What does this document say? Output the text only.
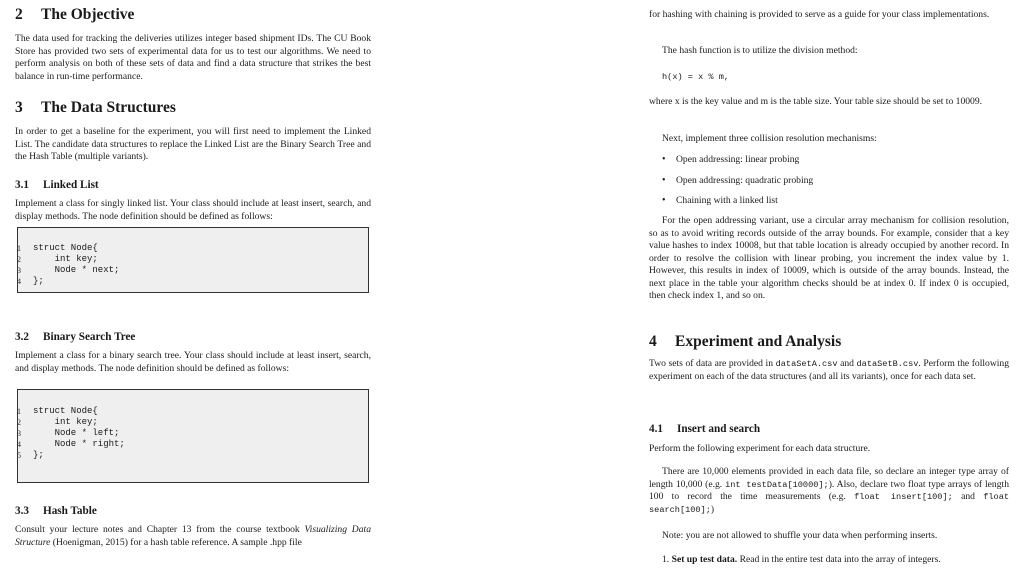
2 The Objective

The data used for tracking the deliveries utilizes integer based shipment IDs. The CU Book Store has provided two sets of experimental data for us to test our algorithms. We need to perform analysis on both of these sets of data and find a data structure that strikes the best balance in run-time performance.

3 The Data Structures

In order to get a baseline for the experiment, you will first need to implement the Linked List. The candidate data structures to replace the Linked List are the Binary Search Tree and the Hash Table (multiple variants).

3.1 Linked List

Implement a class for singly linked list. Your class should include at least insert, search, and display methods. The node definition should be defined as follows:

1 struct Node{
2 int key;
3 Node * next;
4 };
3.2 Binary Search Tree

Implement a class for a binary search tree. Your class should include at least insert, search, and display methods. The node definition should be defined as follows:

1 struct Node{
2 int key;
3 Node * left;
4 Node * right;
5 };
3.3 Hash Table

Consult your lecture notes and Chapter 13 from the course textbook Visualizing Data Structure (Hoenigman, 2015) for a hash table reference. A sample .hpp file

for hashing with chaining is provided to serve as a guide for your class implementations.

The hash function is to utilize the division method:

h(x) = x % m,

where x is the key value and m is the table size. Your table size should be set to 10009.

Next, implement three collision resolution mechanisms:

• Open addressing: linear probing
• Open addressing: quadratic probing
• Chaining with a linked list

For the open addressing variant, use a circular array mechanism for collision resolution, so as to avoid writing records outside of the array bounds. For example, consider that a key value hashes to index 10008, but that table location is already occupied by another record. In order to resolve the collision with linear probing, you increment the index value by 1. However, this results in index of 10009, which is outside of the array bounds. Instead, the next place in the table your algorithm checks should be at index 0. If index 0 is occupied, then check index 1, and so on.

4 Experiment and Analysis

Two sets of data are provided in dataSetA.csv and dataSetB.csv. Perform the following experiment on each of the data structures (and all its variants), once for each data set.

4.1 Insert and search

Perform the following experiment for each data structure.

There are 10,000 elements provided in each data file, so declare an integer type array of length 10,000 (e.g. int testData[10000];). Also, declare two float type arrays of length 100 to record the time measurements (e.g. float insert[100]; and float search[100];)

Note: you are not allowed to shuffle your data when performing inserts.

1. Set up test data. Read in the entire test data into the array of integers.
